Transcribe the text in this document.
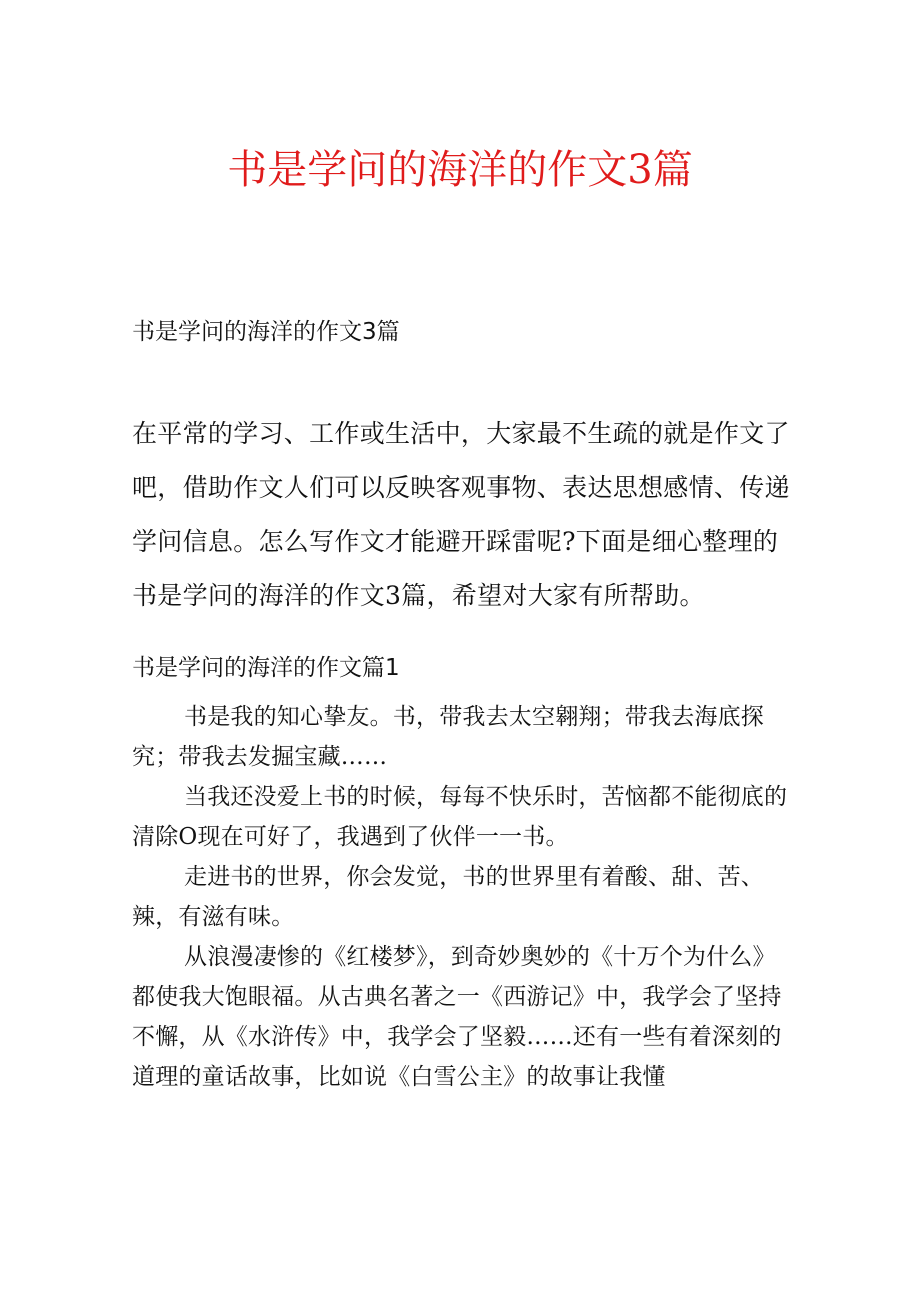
书是学问的海洋的作文3篇

书是学问的海洋的作文3篇

在平常的学习、工作或生活中，大家最不生疏的就是作文了吧，借助作文人们可以反映客观事物、表达思想感情、传递学问信息。怎么写作文才能避开踩雷呢?下面是细心整理的书是学问的海洋的作文3篇，希望对大家有所帮助。

书是学问的海洋的作文篇1

书是我的知心挚友。书，带我去太空翱翔；带我去海底探究；带我去发掘宝藏……

当我还没爱上书的时候，每每不快乐时，苦恼都不能彻底的清除O现在可好了，我遇到了伙伴一一书。

走进书的世界，你会发觉，书的世界里有着酸、甜、苦、辣，有滋有味。

从浪漫凄惨的《红楼梦》，到奇妙奥妙的《十万个为什么》都使我大饱眼福。从古典名著之一《西游记》中，我学会了坚持不懈，从《水浒传》中，我学会了坚毅……还有一些有着深刻的道理的童话故事，比如说《白雪公主》的故事让我懂
